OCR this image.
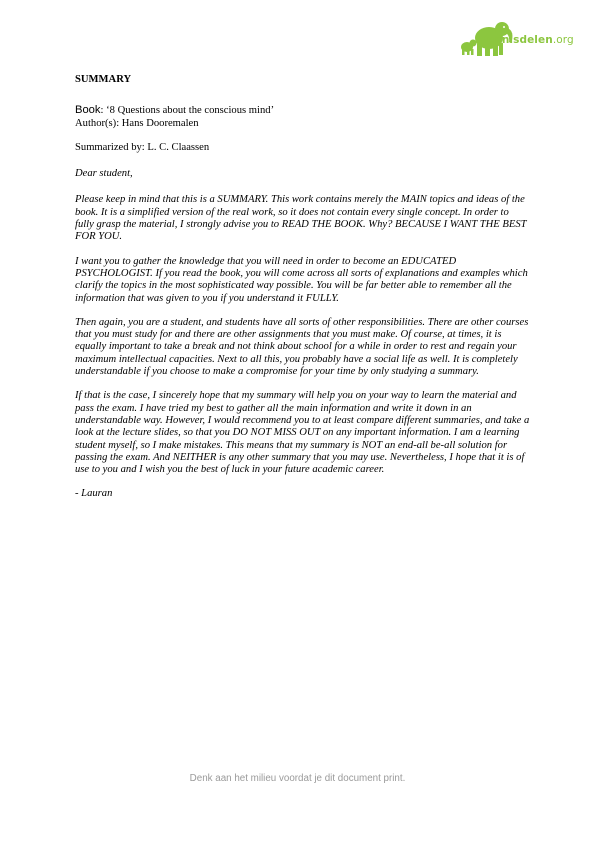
Kennisdelen.org

SUMMARY

Book: ‘8 Questions about the conscious mind’
Author(s): Hans Dooremalen

Summarized by: L. C. Claassen

Dear student,

Please keep in mind that this is a SUMMARY. This work contains merely the MAIN topics and ideas of the book. It is a simplified version of the real work, so it does not contain every single concept. In order to fully grasp the material, I strongly advise you to READ THE BOOK. Why? BECAUSE I WANT THE BEST FOR YOU.

I want you to gather the knowledge that you will need in order to become an EDUCATED PSYCHOLOGIST. If you read the book, you will come across all sorts of explanations and examples which clarify the topics in the most sophisticated way possible. You will be far better able to remember all the information that was given to you if you understand it FULLY.

Then again, you are a student, and students have all sorts of other responsibilities. There are other courses that you must study for and there are other assignments that you must make. Of course, at times, it is equally important to take a break and not think about school for a while in order to rest and regain your maximum intellectual capacities. Next to all this, you probably have a social life as well. It is completely understandable if you choose to make a compromise for your time by only studying a summary.

If that is the case, I sincerely hope that my summary will help you on your way to learn the material and pass the exam. I have tried my best to gather all the main information and write it down in an understandable way. However, I would recommend you to at least compare different summaries, and take a look at the lecture slides, so that you DO NOT MISS OUT on any important information. I am a learning student myself, so I make mistakes. This means that my summary is NOT an end-all be-all solution for passing the exam. And NEITHER is any other summary that you may use. Nevertheless, I hope that it is of use to you and I wish you the best of luck in your future academic career.

- Lauran

Denk aan het milieu voordat je dit document print.
